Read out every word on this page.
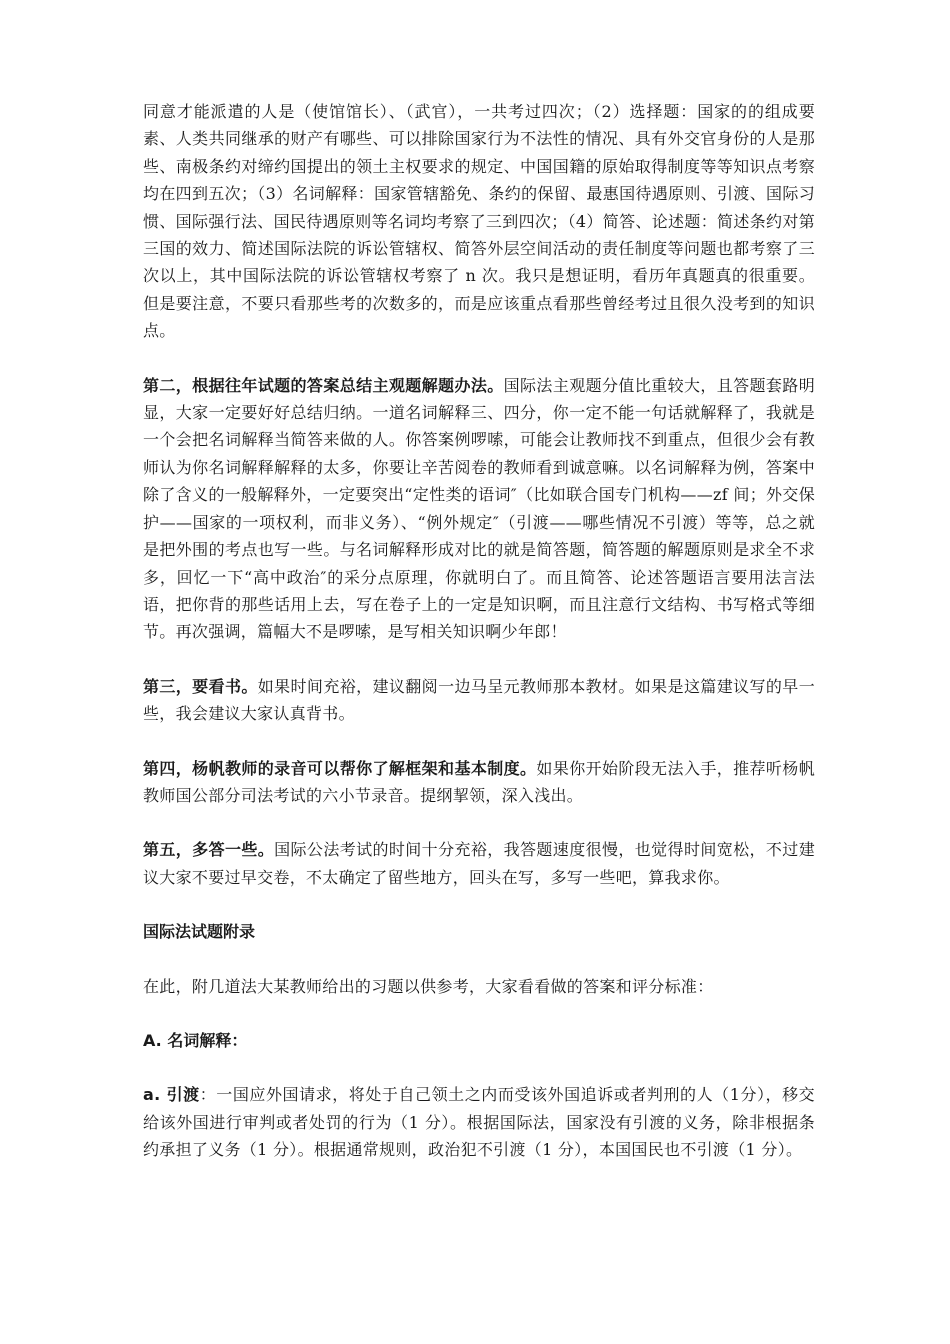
同意才能派遣的人是（使馆馆长）、（武官），一共考过四次；（2）选择题：国家的的组成要素、人类共同继承的财产有哪些、可以排除国家行为不法性的情况、具有外交官身份的人是那些、南极条约对缔约国提出的领土主权要求的规定、中国国籍的原始取得制度等等知识点考察均在四到五次；（3）名词解释：国家管辖豁免、条约的保留、最惠国待遇原则、引渡、国际习惯、国际强行法、国民待遇原则等名词均考察了三到四次；（4）简答、论述题：简述条约对第三国的效力、简述国际法院的诉讼管辖权、简答外层空间活动的责任制度等问题也都考察了三次以上，其中国际法院的诉讼管辖权考察了 n 次。我只是想证明，看历年真题真的很重要。但是要注意，不要只看那些考的次数多的，而是应该重点看那些曾经考过且很久没考到的知识点。

第二，根据往年试题的答案总结主观题解题办法。国际法主观题分值比重较大，且答题套路明显，大家一定要好好总结归纳。一道名词解释三、四分，你一定不能一句话就解释了，我就是一个会把名词解释当简答来做的人。你答案例啰嗦，可能会让教师找不到重点，但很少会有教师认为你名词解释解释的太多，你要让辛苦阅卷的教师看到诚意嘛。以名词解释为例，答案中除了含义的一般解释外，一定要突出“定性类的语词″（比如联合国专门机构——zf 间；外交保护——国家的一项权利，而非义务）、“例外规定″（引渡——哪些情况不引渡）等等，总之就是把外围的考点也写一些。与名词解释形成对比的就是简答题，简答题的解题原则是求全不求多，回忆一下“高中政治″的采分点原理，你就明白了。而且简答、论述答题语言要用法言法语，把你背的那些话用上去，写在卷子上的一定是知识啊，而且注意行文结构、书写格式等细节。再次强调，篇幅大不是啰嗦，是写相关知识啊少年郎！

第三，要看书。如果时间充裕，建议翻阅一边马呈元教师那本教材。如果是这篇建议写的早一些，我会建议大家认真背书。

第四，杨帆教师的录音可以帮你了解框架和基本制度。如果你开始阶段无法入手，推荐听杨帆教师国公部分司法考试的六小节录音。提纲挈领，深入浅出。

第五，多答一些。国际公法考试的时间十分充裕，我答题速度很慢，也觉得时间宽松，不过建议大家不要过早交卷，不太确定了留些地方，回头在写，多写一些吧，算我求你。

国际法试题附录

在此，附几道法大某教师给出的习题以供参考，大家看看做的答案和评分标准：

A. 名词解释：

a. 引渡：一国应外国请求，将处于自己领土之内而受该外国追诉或者判刑的人（1分），移交给该外国进行审判或者处罚的行为（1 分）。根据国际法，国家没有引渡的义务，除非根据条约承担了义务（1 分）。根据通常规则，政治犯不引渡（1 分），本国国民也不引渡（1 分）。
